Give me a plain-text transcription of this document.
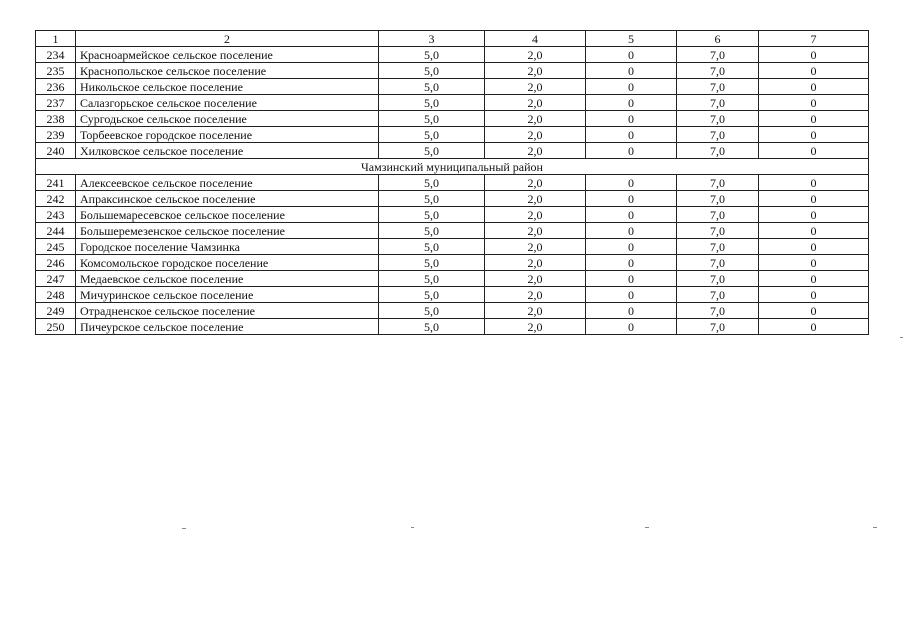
1	2	3	4	5	6	7
234	Красноармейское сельское поселение	5,0	2,0	0	7,0	0
235	Краснопольское сельское поселение	5,0	2,0	0	7,0	0
236	Никольское сельское поселение	5,0	2,0	0	7,0	0
237	Салазгорьское сельское поселение	5,0	2,0	0	7,0	0
238	Сургодьское сельское поселение	5,0	2,0	0	7,0	0
239	Торбеевское городское поселение	5,0	2,0	0	7,0	0
240	Хилковское сельское поселение	5,0	2,0	0	7,0	0
Чамзинский муниципальный район						
241	Алексеевское сельское поселение	5,0	2,0	0	7,0	0
242	Апраксинское сельское поселение	5,0	2,0	0	7,0	0
243	Большемаресевское сельское поселение	5,0	2,0	0	7,0	0
244	Большеремезенское сельское поселение	5,0	2,0	0	7,0	0
245	Городское поселение Чамзинка	5,0	2,0	0	7,0	0
246	Комсомольское городское поселение	5,0	2,0	0	7,0	0
247	Медаевское сельское поселение	5,0	2,0	0	7,0	0
248	Мичуринское сельское поселение	5,0	2,0	0	7,0	0
249	Отрадненское сельское поселение	5,0	2,0	0	7,0	0
250	Пичеурское сельское поселение	5,0	2,0	0	7,0	0
